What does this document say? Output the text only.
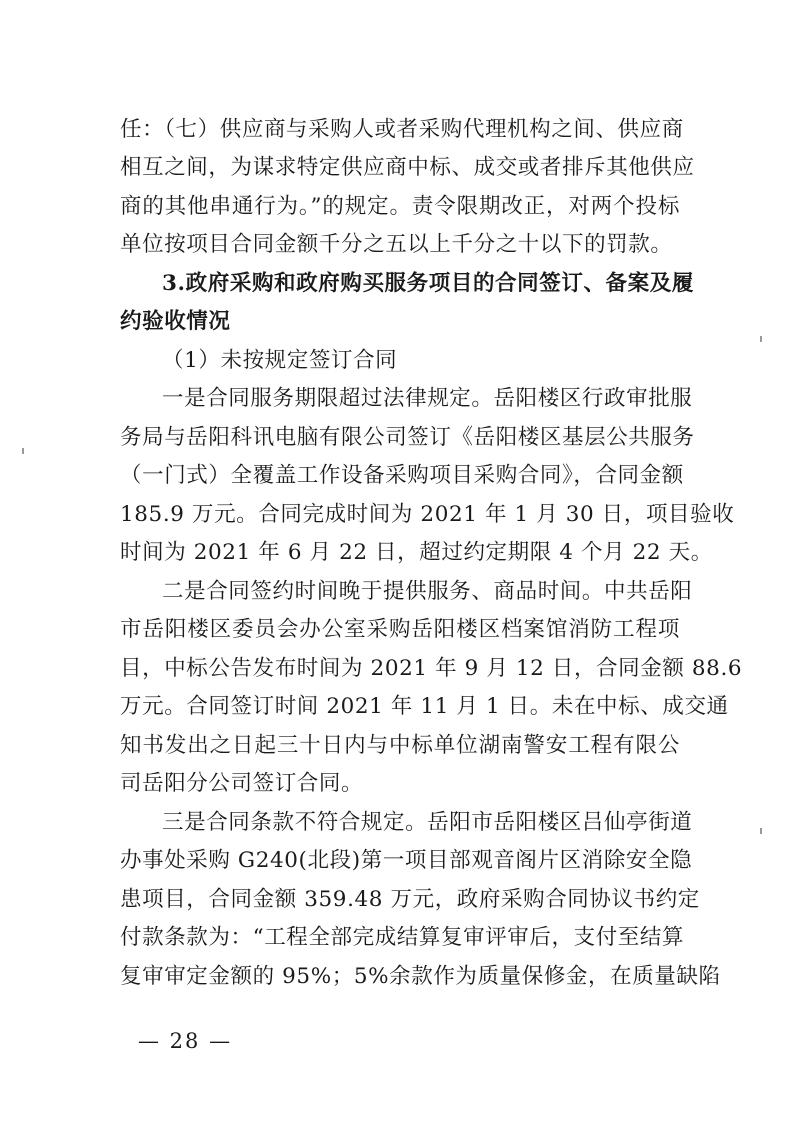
任：（七）供应商与采购人或者采购代理机构之间、供应商
相互之间，为谋求特定供应商中标、成交或者排斥其他供应
商的其他串通行为。”的规定。责令限期改正，对两个投标
单位按项目合同金额千分之五以上千分之十以下的罚款。
3.政府采购和政府购买服务项目的合同签订、备案及履
约验收情况
（1）未按规定签订合同
一是合同服务期限超过法律规定。岳阳楼区行政审批服
务局与岳阳科讯电脑有限公司签订《岳阳楼区基层公共服务
（一门式）全覆盖工作设备采购项目采购合同》，合同金额
185.9 万元。合同完成时间为 2021 年 1 月 30 日，项目验收
时间为 2021 年 6 月 22 日，超过约定期限 4 个月 22 天。
二是合同签约时间晚于提供服务、商品时间。中共岳阳
市岳阳楼区委员会办公室采购岳阳楼区档案馆消防工程项
目，中标公告发布时间为 2021 年 9 月 12 日，合同金额 88.6
万元。合同签订时间 2021 年 11 月 1 日。未在中标、成交通
知书发出之日起三十日内与中标单位湖南警安工程有限公
司岳阳分公司签订合同。
三是合同条款不符合规定。岳阳市岳阳楼区吕仙亭街道
办事处采购 G240(北段)第一项目部观音阁片区消除安全隐
患项目，合同金额 359.48 万元，政府采购合同协议书约定
付款条款为：“工程全部完成结算复审评审后，支付至结算
复审审定金额的 95%；5%余款作为质量保修金，在质量缺陷
— 28 —
